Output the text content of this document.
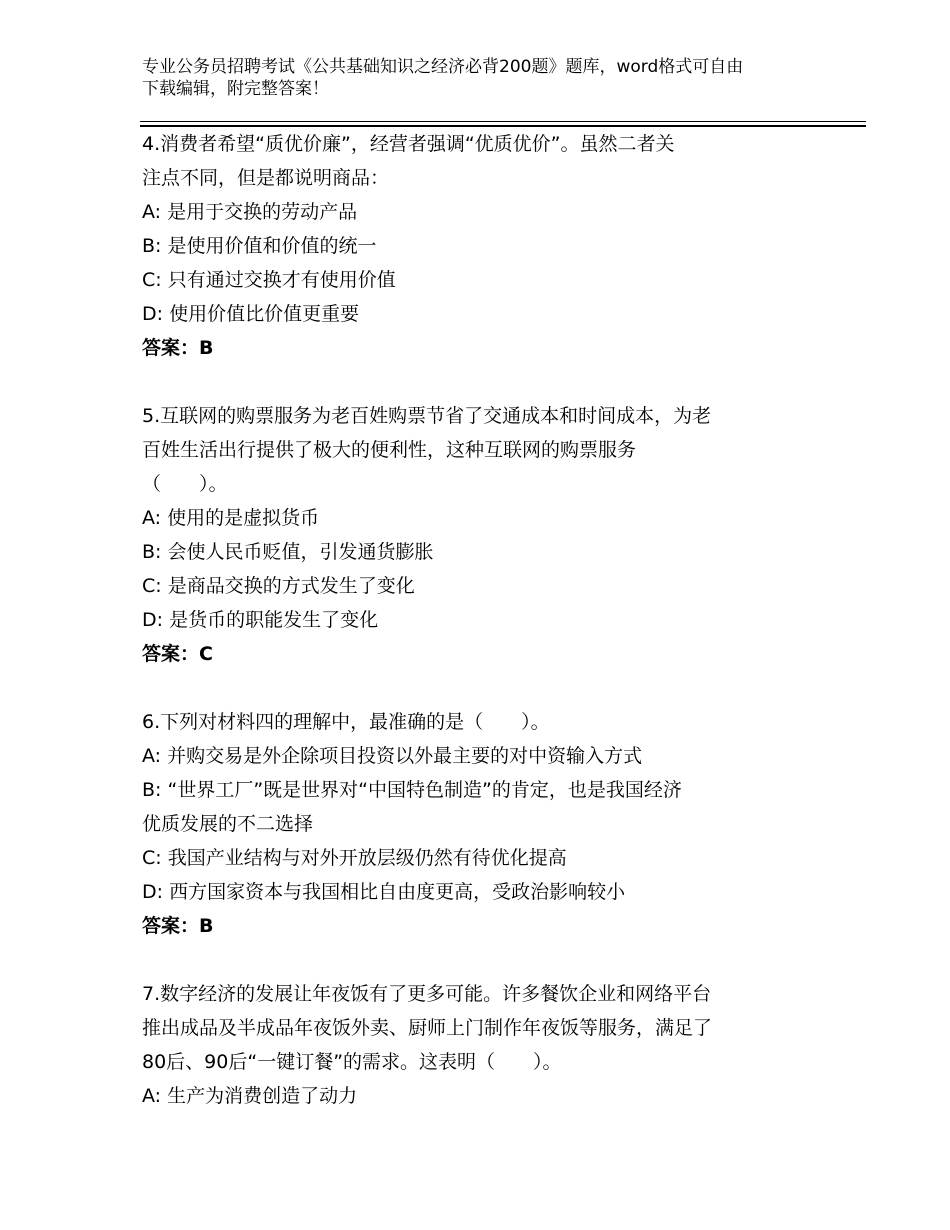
专业公务员招聘考试《公共基础知识之经济必背200题》题库，word格式可自由
下载编辑，附完整答案！
4.消费者希望“质优价廉”，经营者强调“优质优价”。虽然二者关
注点不同，但是都说明商品：
A: 是用于交换的劳动产品
B: 是使用价值和价值的统一
C: 只有通过交换才有使用价值
D: 使用价值比价值更重要
答案：B
5.互联网的购票服务为老百姓购票节省了交通成本和时间成本，为老
百姓生活出行提供了极大的便利性，这种互联网的购票服务
（　　）。
A: 使用的是虚拟货币
B: 会使人民币贬值，引发通货膨胀
C: 是商品交换的方式发生了变化
D: 是货币的职能发生了变化
答案：C
6.下列对材料四的理解中，最准确的是（　　）。
A: 并购交易是外企除项目投资以外最主要的对中资输入方式
B: “世界工厂”既是世界对“中国特色制造”的肯定，也是我国经济
优质发展的不二选择
C: 我国产业结构与对外开放层级仍然有待优化提高
D: 西方国家资本与我国相比自由度更高，受政治影响较小
答案：B
7.数字经济的发展让年夜饭有了更多可能。许多餐饮企业和网络平台
推出成品及半成品年夜饭外卖、厨师上门制作年夜饭等服务，满足了
80后、90后“一键订餐”的需求。这表明（　　）。
A: 生产为消费创造了动力
